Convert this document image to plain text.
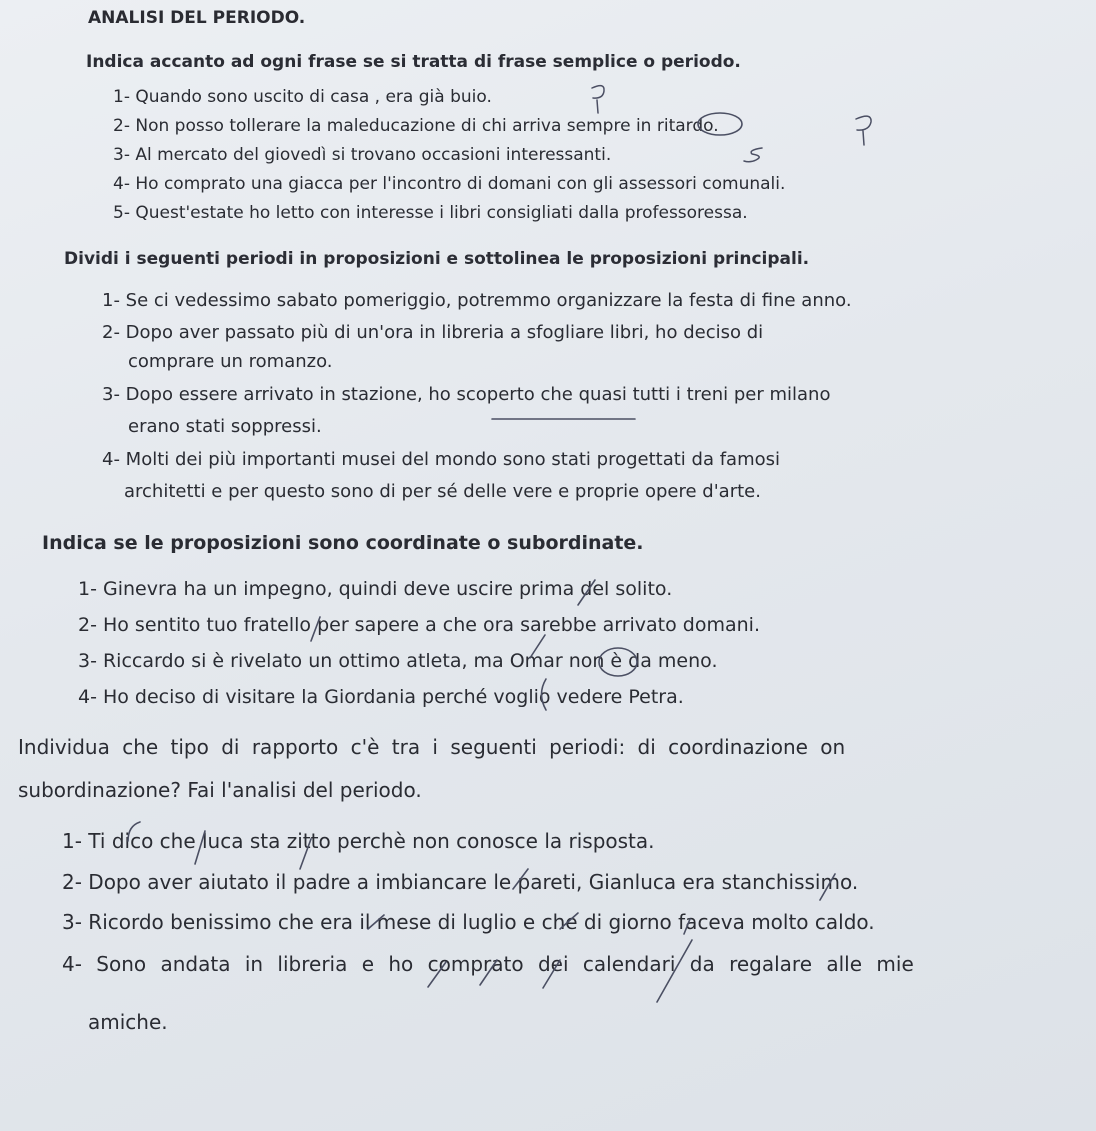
ANALISI DEL PERIODO.
Indica accanto ad ogni frase se si tratta di frase semplice o periodo.
1- Quando sono uscito di casa , era già buio.
2- Non posso tollerare la maleducazione di chi arriva sempre in ritardo.
3- Al mercato del giovedì si trovano occasioni interessanti.
4- Ho comprato una giacca per l'incontro di domani con gli assessori comunali.
5- Quest'estate ho letto con interesse i libri consigliati dalla professoressa.
Dividi i seguenti periodi in proposizioni e sottolinea le proposizioni principali.
1- Se ci vedessimo sabato pomeriggio, potremmo organizzare la festa di fine anno.
2- Dopo aver passato più di un'ora in libreria a sfogliare libri, ho deciso di
comprare un romanzo.
3- Dopo essere arrivato in stazione, ho scoperto che quasi tutti i treni per milano
erano stati soppressi.
4- Molti dei più importanti musei del mondo sono stati progettati da famosi
architetti e per questo sono di per sé delle vere e proprie opere d'arte.
Indica se le proposizioni sono coordinate o subordinate.
1- Ginevra ha un impegno, quindi deve uscire prima del solito.
2- Ho sentito tuo fratello per sapere a che ora sarebbe arrivato domani.
3- Riccardo si è rivelato un ottimo atleta, ma Omar non è da meno.
4- Ho deciso di visitare la Giordania perché voglio vedere Petra.
Individua che tipo di rapporto c'è tra i seguenti periodi: di coordinazione on
subordinazione? Fai l'analisi del periodo.
1- Ti dico che luca sta zitto perchè non conosce la risposta.
2- Dopo aver aiutato il padre a imbiancare le pareti, Gianluca era stanchissimo.
3- Ricordo benissimo che era il mese di luglio e che di giorno faceva molto caldo.
4- Sono andata in libreria e ho comprato dei calendari da regalare alle mie
amiche.
